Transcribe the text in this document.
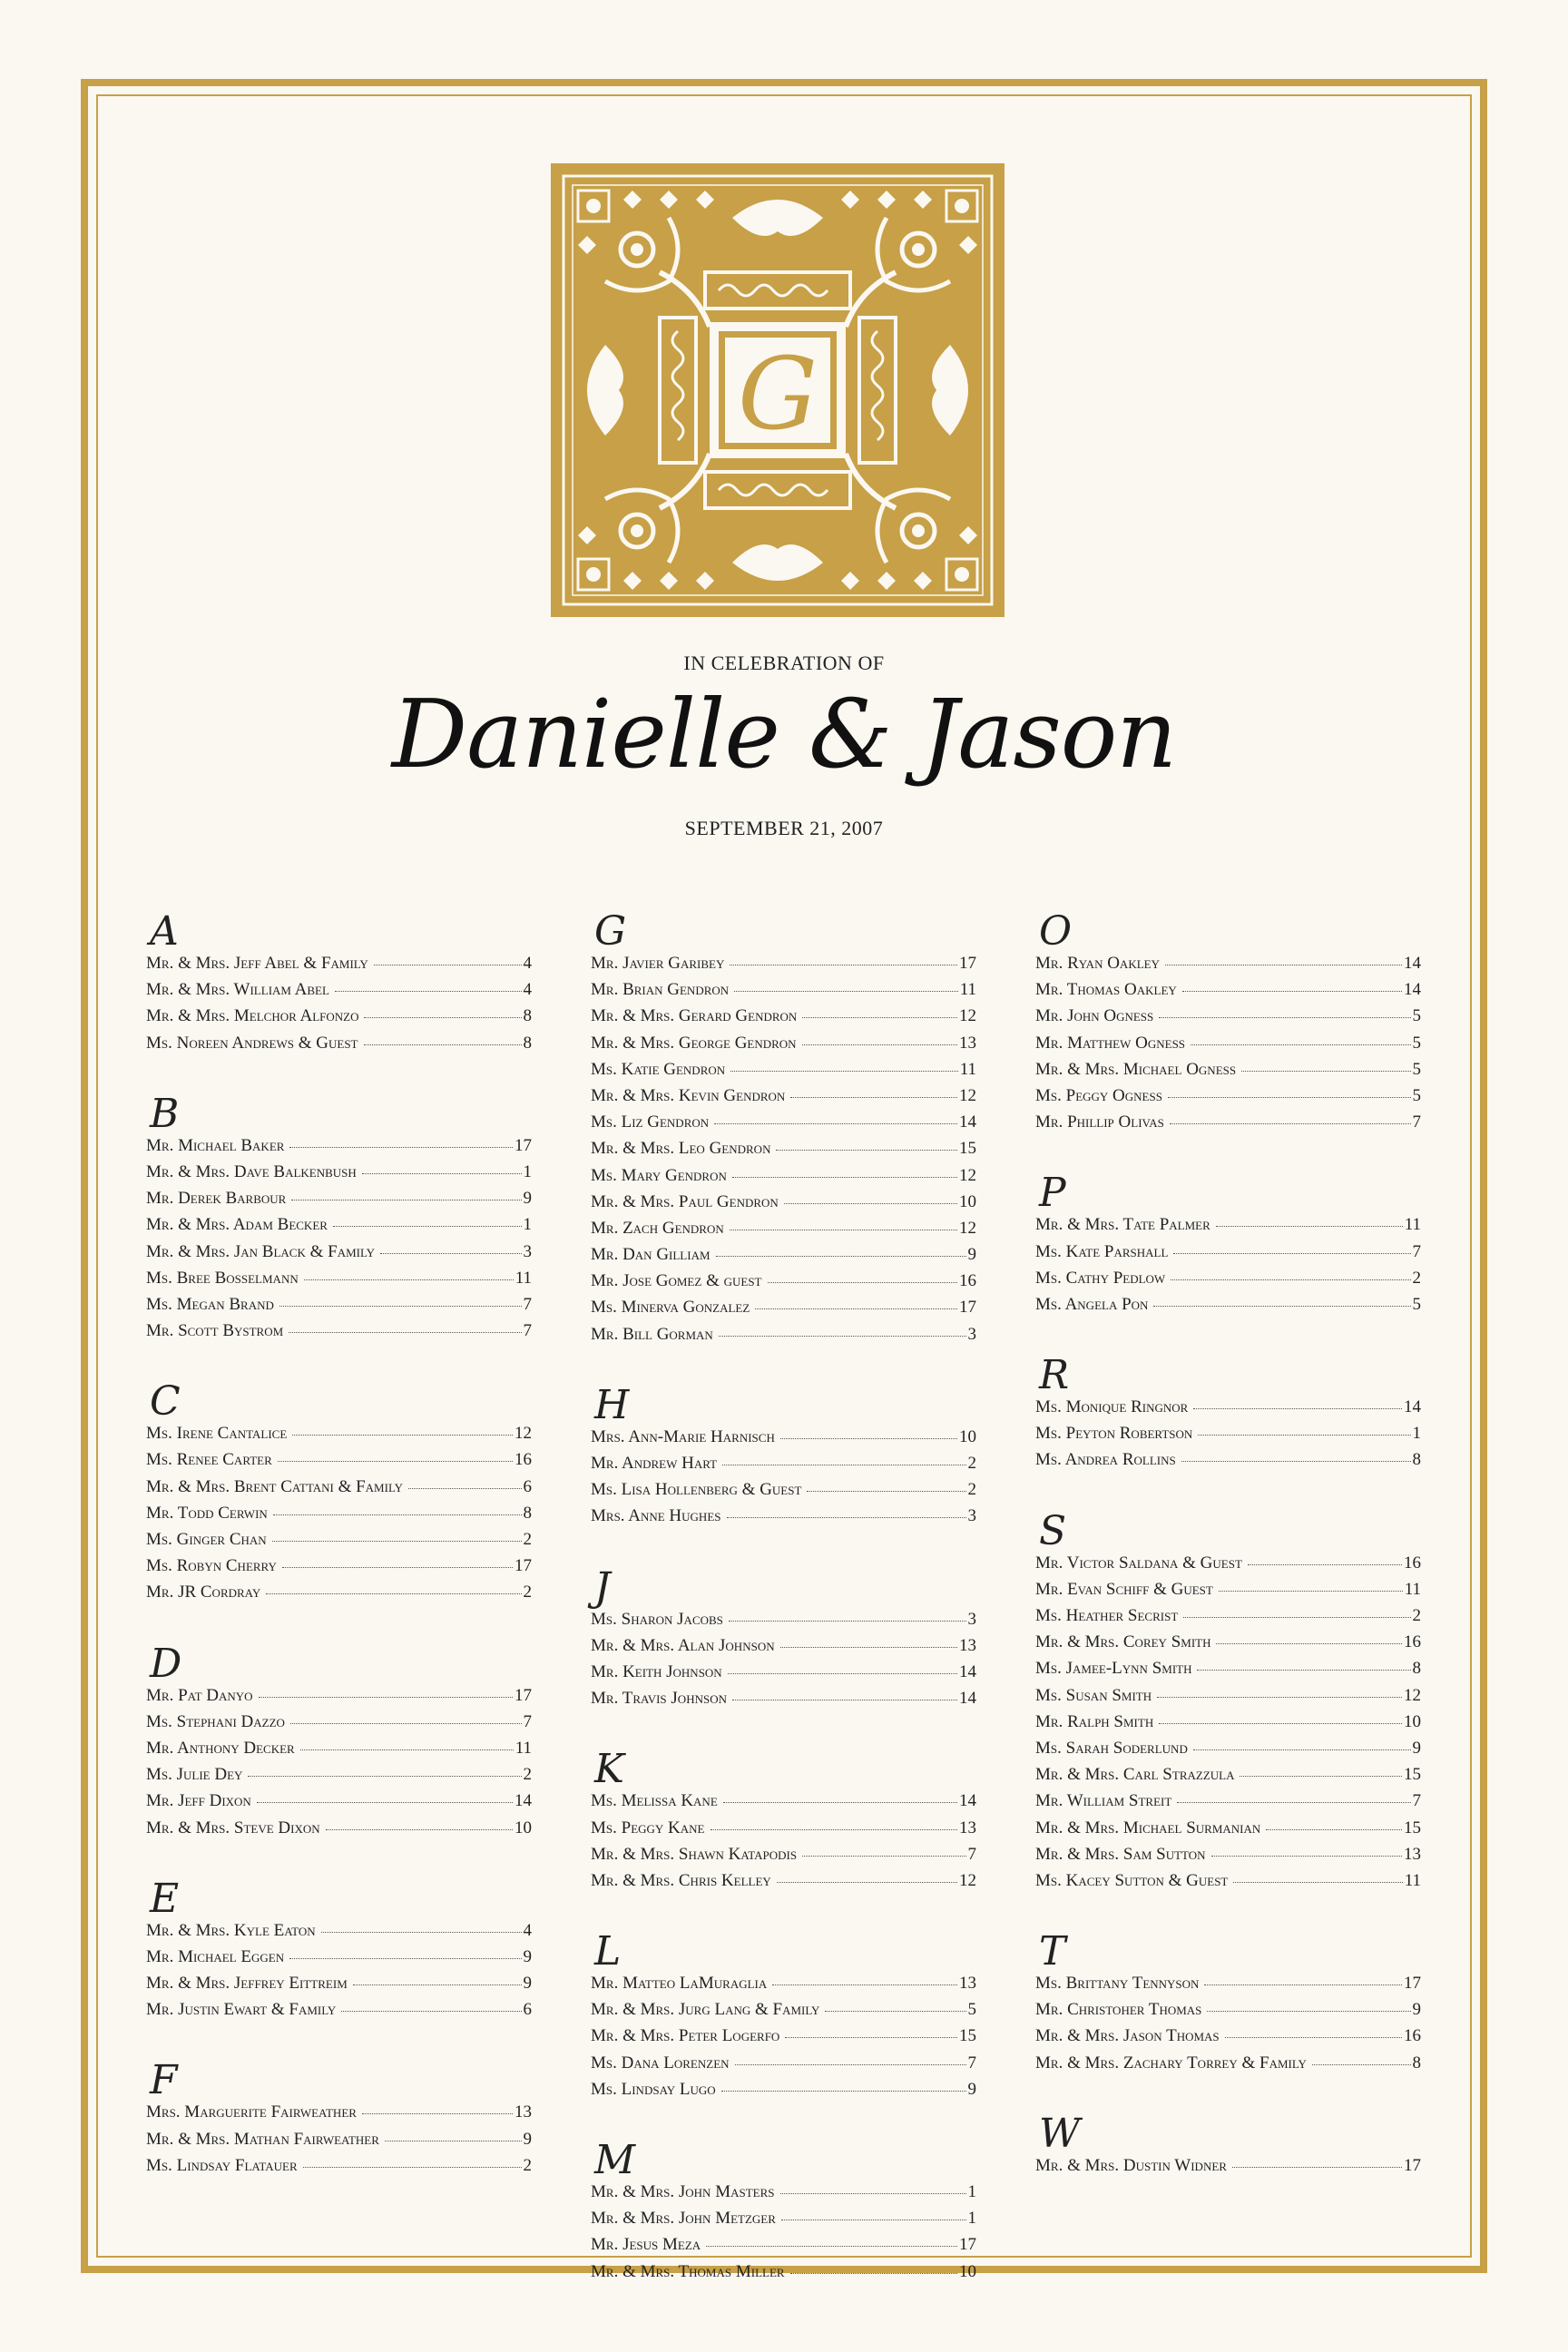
G
IN CELEBRATION OF
Danielle & Jason
SEPTEMBER 21, 2007
A
Mr. & Mrs. Jeff Abel & Family	4
Mr. & Mrs. William Abel	4
Mr. & Mrs. Melchor Alfonzo	8
Ms. Noreen Andrews & Guest	8
B
Mr. Michael Baker	17
Mr. & Mrs. Dave Balkenbush	1
Mr. Derek Barbour	9
Mr. & Mrs. Adam Becker	1
Mr. & Mrs. Jan Black & Family	3
Ms. Bree Bosselmann	11
Ms. Megan Brand	7
Mr. Scott Bystrom	7
C
Ms. Irene Cantalice	12
Ms. Renee Carter	16
Mr. & Mrs. Brent Cattani & Family	6
Mr. Todd Cerwin	8
Ms. Ginger Chan	2
Ms. Robyn Cherry	17
Mr. JR Cordray	2
D
Mr. Pat Danyo	17
Ms. Stephani Dazzo	7
Mr. Anthony Decker	11
Ms. Julie Dey	2
Mr. Jeff Dixon	14
Mr. & Mrs. Steve Dixon	10
E
Mr. & Mrs. Kyle Eaton	4
Mr. Michael Eggen	9
Mr. & Mrs. Jeffrey Eittreim	9
Mr. Justin Ewart & Family	6
F
Mrs. Marguerite Fairweather	13
Mr. & Mrs. Mathan Fairweather	9
Ms. Lindsay Flatauer	2
G
Mr. Javier Garibey	17
Mr. Brian Gendron	11
Mr. & Mrs. Gerard Gendron	12
Mr. & Mrs. George Gendron	13
Ms. Katie Gendron	11
Mr. & Mrs. Kevin Gendron	12
Ms. Liz Gendron	14
Mr. & Mrs. Leo Gendron	15
Ms. Mary Gendron	12
Mr. & Mrs. Paul Gendron	10
Mr. Zach Gendron	12
Mr. Dan Gilliam	9
Mr. Jose Gomez & guest	16
Ms. Minerva Gonzalez	17
Mr. Bill Gorman	3
H
Mrs. Ann-Marie Harnisch	10
Mr. Andrew Hart	2
Ms. Lisa Hollenberg & Guest	2
Mrs. Anne Hughes	3
J
Ms. Sharon Jacobs	3
Mr. & Mrs. Alan Johnson	13
Mr. Keith Johnson	14
Mr. Travis Johnson	14
K
Ms. Melissa Kane	14
Ms. Peggy Kane	13
Mr. & Mrs. Shawn Katapodis	7
Mr. & Mrs. Chris Kelley	12
L
Mr. Matteo LaMuraglia	13
Mr. & Mrs. Jurg Lang & Family	5
Mr. & Mrs. Peter Logerfo	15
Ms. Dana Lorenzen	7
Ms. Lindsay Lugo	9
M
Mr. & Mrs. John Masters	1
Mr. & Mrs. John Metzger	1
Mr. Jesus Meza	17
Mr. & Mrs. Thomas Miller	10
O
Mr. Ryan Oakley	14
Mr. Thomas Oakley	14
Mr. John Ogness	5
Mr. Matthew Ogness	5
Mr. & Mrs. Michael Ogness	5
Ms. Peggy Ogness	5
Mr. Phillip Olivas	7
P
Mr. & Mrs. Tate Palmer	11
Ms. Kate Parshall	7
Ms. Cathy Pedlow	2
Ms. Angela Pon	5
R
Ms. Monique Ringnor	14
Ms. Peyton Robertson	1
Ms. Andrea Rollins	8
S
Mr. Victor Saldana & Guest	16
Mr. Evan Schiff & Guest	11
Ms. Heather Secrist	2
Mr. & Mrs. Corey Smith	16
Ms. Jamee-Lynn Smith	8
Ms. Susan Smith	12
Mr. Ralph Smith	10
Ms. Sarah Soderlund	9
Mr. & Mrs. Carl Strazzula	15
Mr. William Streit	7
Mr. & Mrs. Michael Surmanian	15
Mr. & Mrs. Sam Sutton	13
Ms. Kacey Sutton & Guest	11
T
Ms. Brittany Tennyson	17
Mr. Christoher Thomas	9
Mr. & Mrs. Jason Thomas	16
Mr. & Mrs. Zachary Torrey & Family	8
W
Mr. & Mrs. Dustin Widner	17
